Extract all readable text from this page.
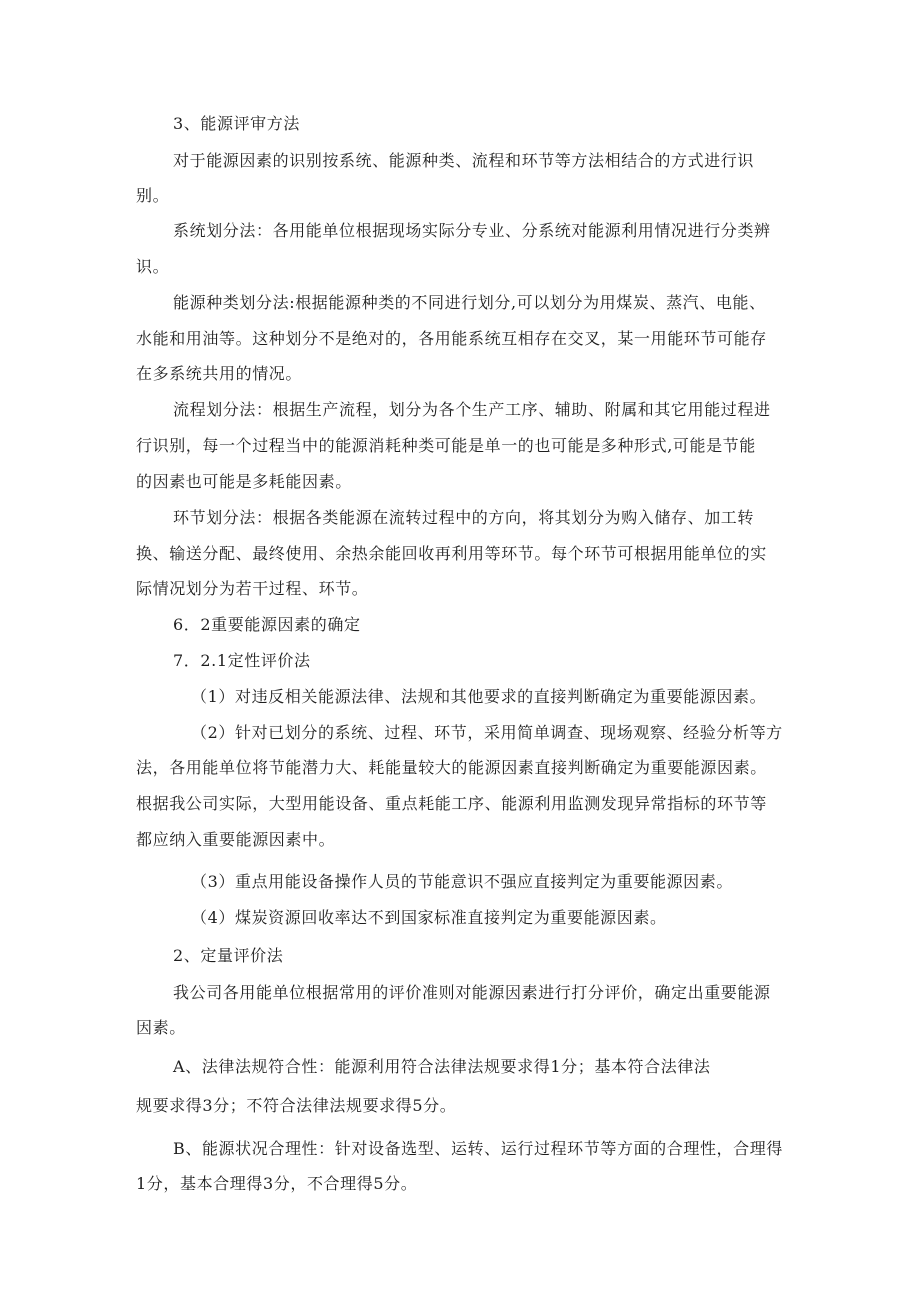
3、能源评审方法
对于能源因素的识别按系统、能源种类、流程和环节等方法相结合的方式进行识
别。
系统划分法：各用能单位根据现场实际分专业、分系统对能源利用情况进行分类辨
识。
能源种类划分法:根据能源种类的不同进行划分,可以划分为用煤炭、蒸汽、电能、
水能和用油等。这种划分不是绝对的，各用能系统互相存在交叉，某一用能环节可能存
在多系统共用的情况。
流程划分法：根据生产流程，划分为各个生产工序、辅助、附属和其它用能过程进
行识别，每一个过程当中的能源消耗种类可能是单一的也可能是多种形式,可能是节能
的因素也可能是多耗能因素。
环节划分法：根据各类能源在流转过程中的方向，将其划分为购入储存、加工转
换、输送分配、最终使用、余热余能回收再利用等环节。每个环节可根据用能单位的实
际情况划分为若干过程、环节。
6．2重要能源因素的确定
7．2.1定性评价法
（1）对违反相关能源法律、法规和其他要求的直接判断确定为重要能源因素。
（2）针对已划分的系统、过程、环节，采用简单调查、现场观察、经验分析等方
法，各用能单位将节能潜力大、耗能量较大的能源因素直接判断确定为重要能源因素。
根据我公司实际，大型用能设备、重点耗能工序、能源利用监测发现异常指标的环节等
都应纳入重要能源因素中。
（3）重点用能设备操作人员的节能意识不强应直接判定为重要能源因素。
（4）煤炭资源回收率达不到国家标准直接判定为重要能源因素。
2、定量评价法
我公司各用能单位根据常用的评价准则对能源因素进行打分评价，确定出重要能源
因素。
A、法律法规符合性：能源利用符合法律法规要求得1分；基本符合法律法
规要求得3分；不符合法律法规要求得5分。
B、能源状况合理性：针对设备选型、运转、运行过程环节等方面的合理性，合理得
1分，基本合理得3分，不合理得5分。
